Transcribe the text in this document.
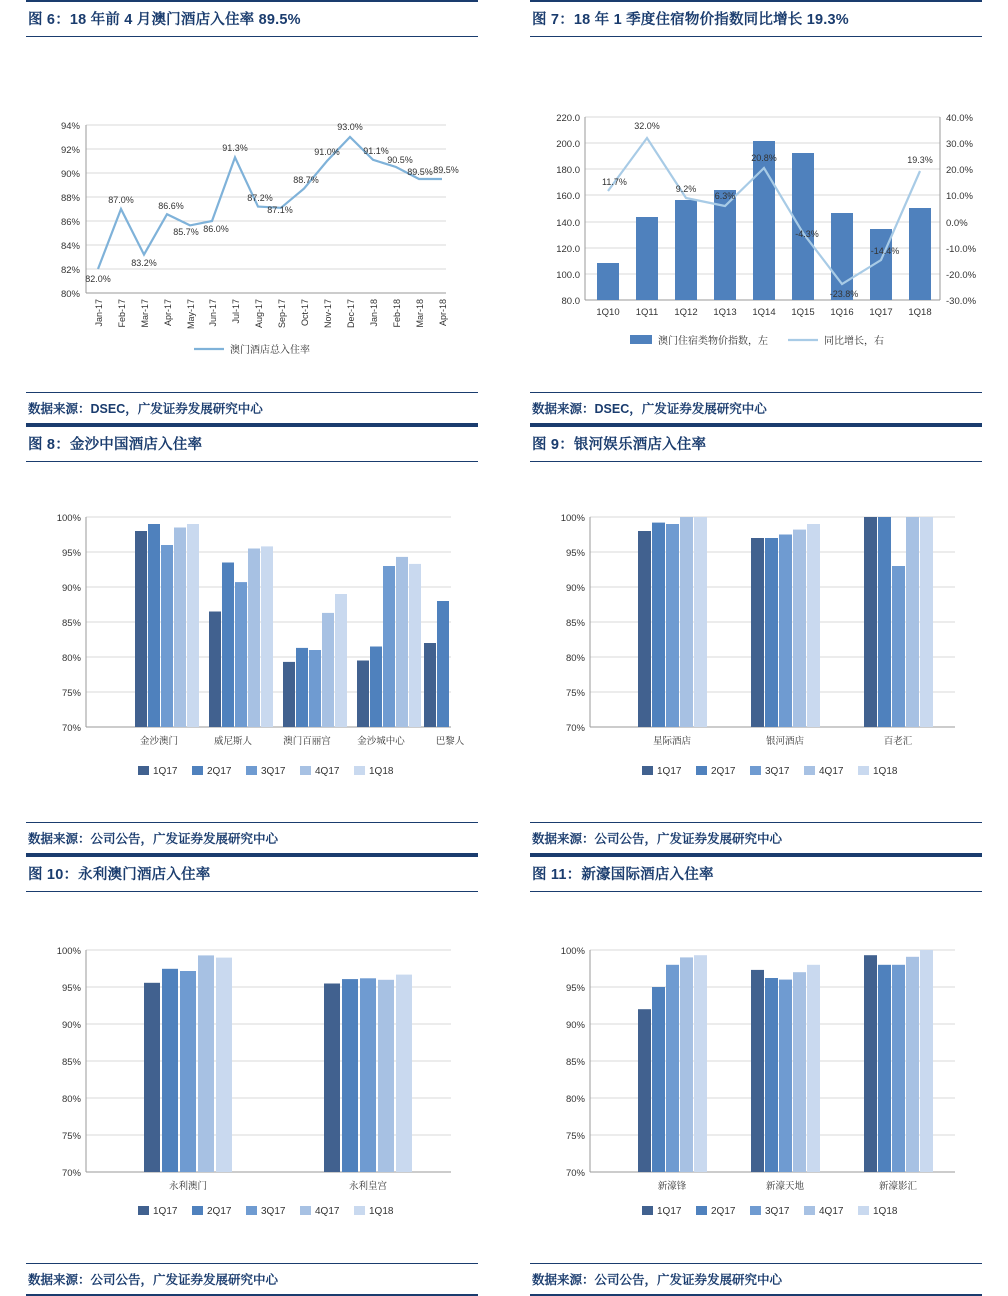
图 6：18 年前 4 月澳门酒店入住率 89.5%
94%
92%
90%
88%
86%
84%
82%
80%
82.0%
87.0%
83.2%
86.6%
85.7% 86.0%
91.3%
87.2%
87.1%
88.7%
91.0%
93.0%
91.1%
90.5%
89.5% 89.5%
Jan-17 Feb-17 Mar-17 Apr-17 May-17 Jun-17 Jul-17 Aug-17 Sep-17 Oct-17 Nov-17 Dec-17 Jan-18 Feb-18 Mar-18 Apr-18
澳门酒店总入住率
数据来源：DSEC，广发证券发展研究中心
图 7：18 年 1 季度住宿物价指数同比增长 19.3%
220.0
200.0
180.0
160.0
140.0
120.0
100.0
80.0
40.0%
30.0%
20.0%
10.0%
0.0%
-10.0%
-20.0%
-30.0%
11.7%
32.0%
9.2%
6.3%
20.8%
-4.3%
-23.8%
-14.4%
19.3%
1Q10 1Q11 1Q12 1Q13 1Q14 1Q15 1Q16 1Q17 1Q18
澳门住宿类物价指数，左	同比增长，右
数据来源：DSEC，广发证券发展研究中心
图 8：金沙中国酒店入住率
100%
95%
90%
85%
80%
75%
70%
金沙澳门	威尼斯人	澳门百丽宫	金沙城中心	巴黎人
1Q17	2Q17	3Q17	4Q17	1Q18
数据来源：公司公告，广发证券发展研究中心
图 9：银河娱乐酒店入住率
100%
95%
90%
85%
80%
75%
70%
星际酒店	银河酒店	百老汇
1Q17	2Q17	3Q17	4Q17	1Q18
数据来源：公司公告，广发证券发展研究中心
图 10：永利澳门酒店入住率
100%
95%
90%
85%
80%
75%
70%
永利澳门	永利皇宫
1Q17	2Q17	3Q17	4Q17	1Q18
数据来源：公司公告，广发证券发展研究中心
图 11：新濠国际酒店入住率
100%
95%
90%
85%
80%
75%
70%
新濠锋	新濠天地	新濠影汇
1Q17	2Q17	3Q17	4Q17	1Q18
数据来源：公司公告，广发证券发展研究中心
